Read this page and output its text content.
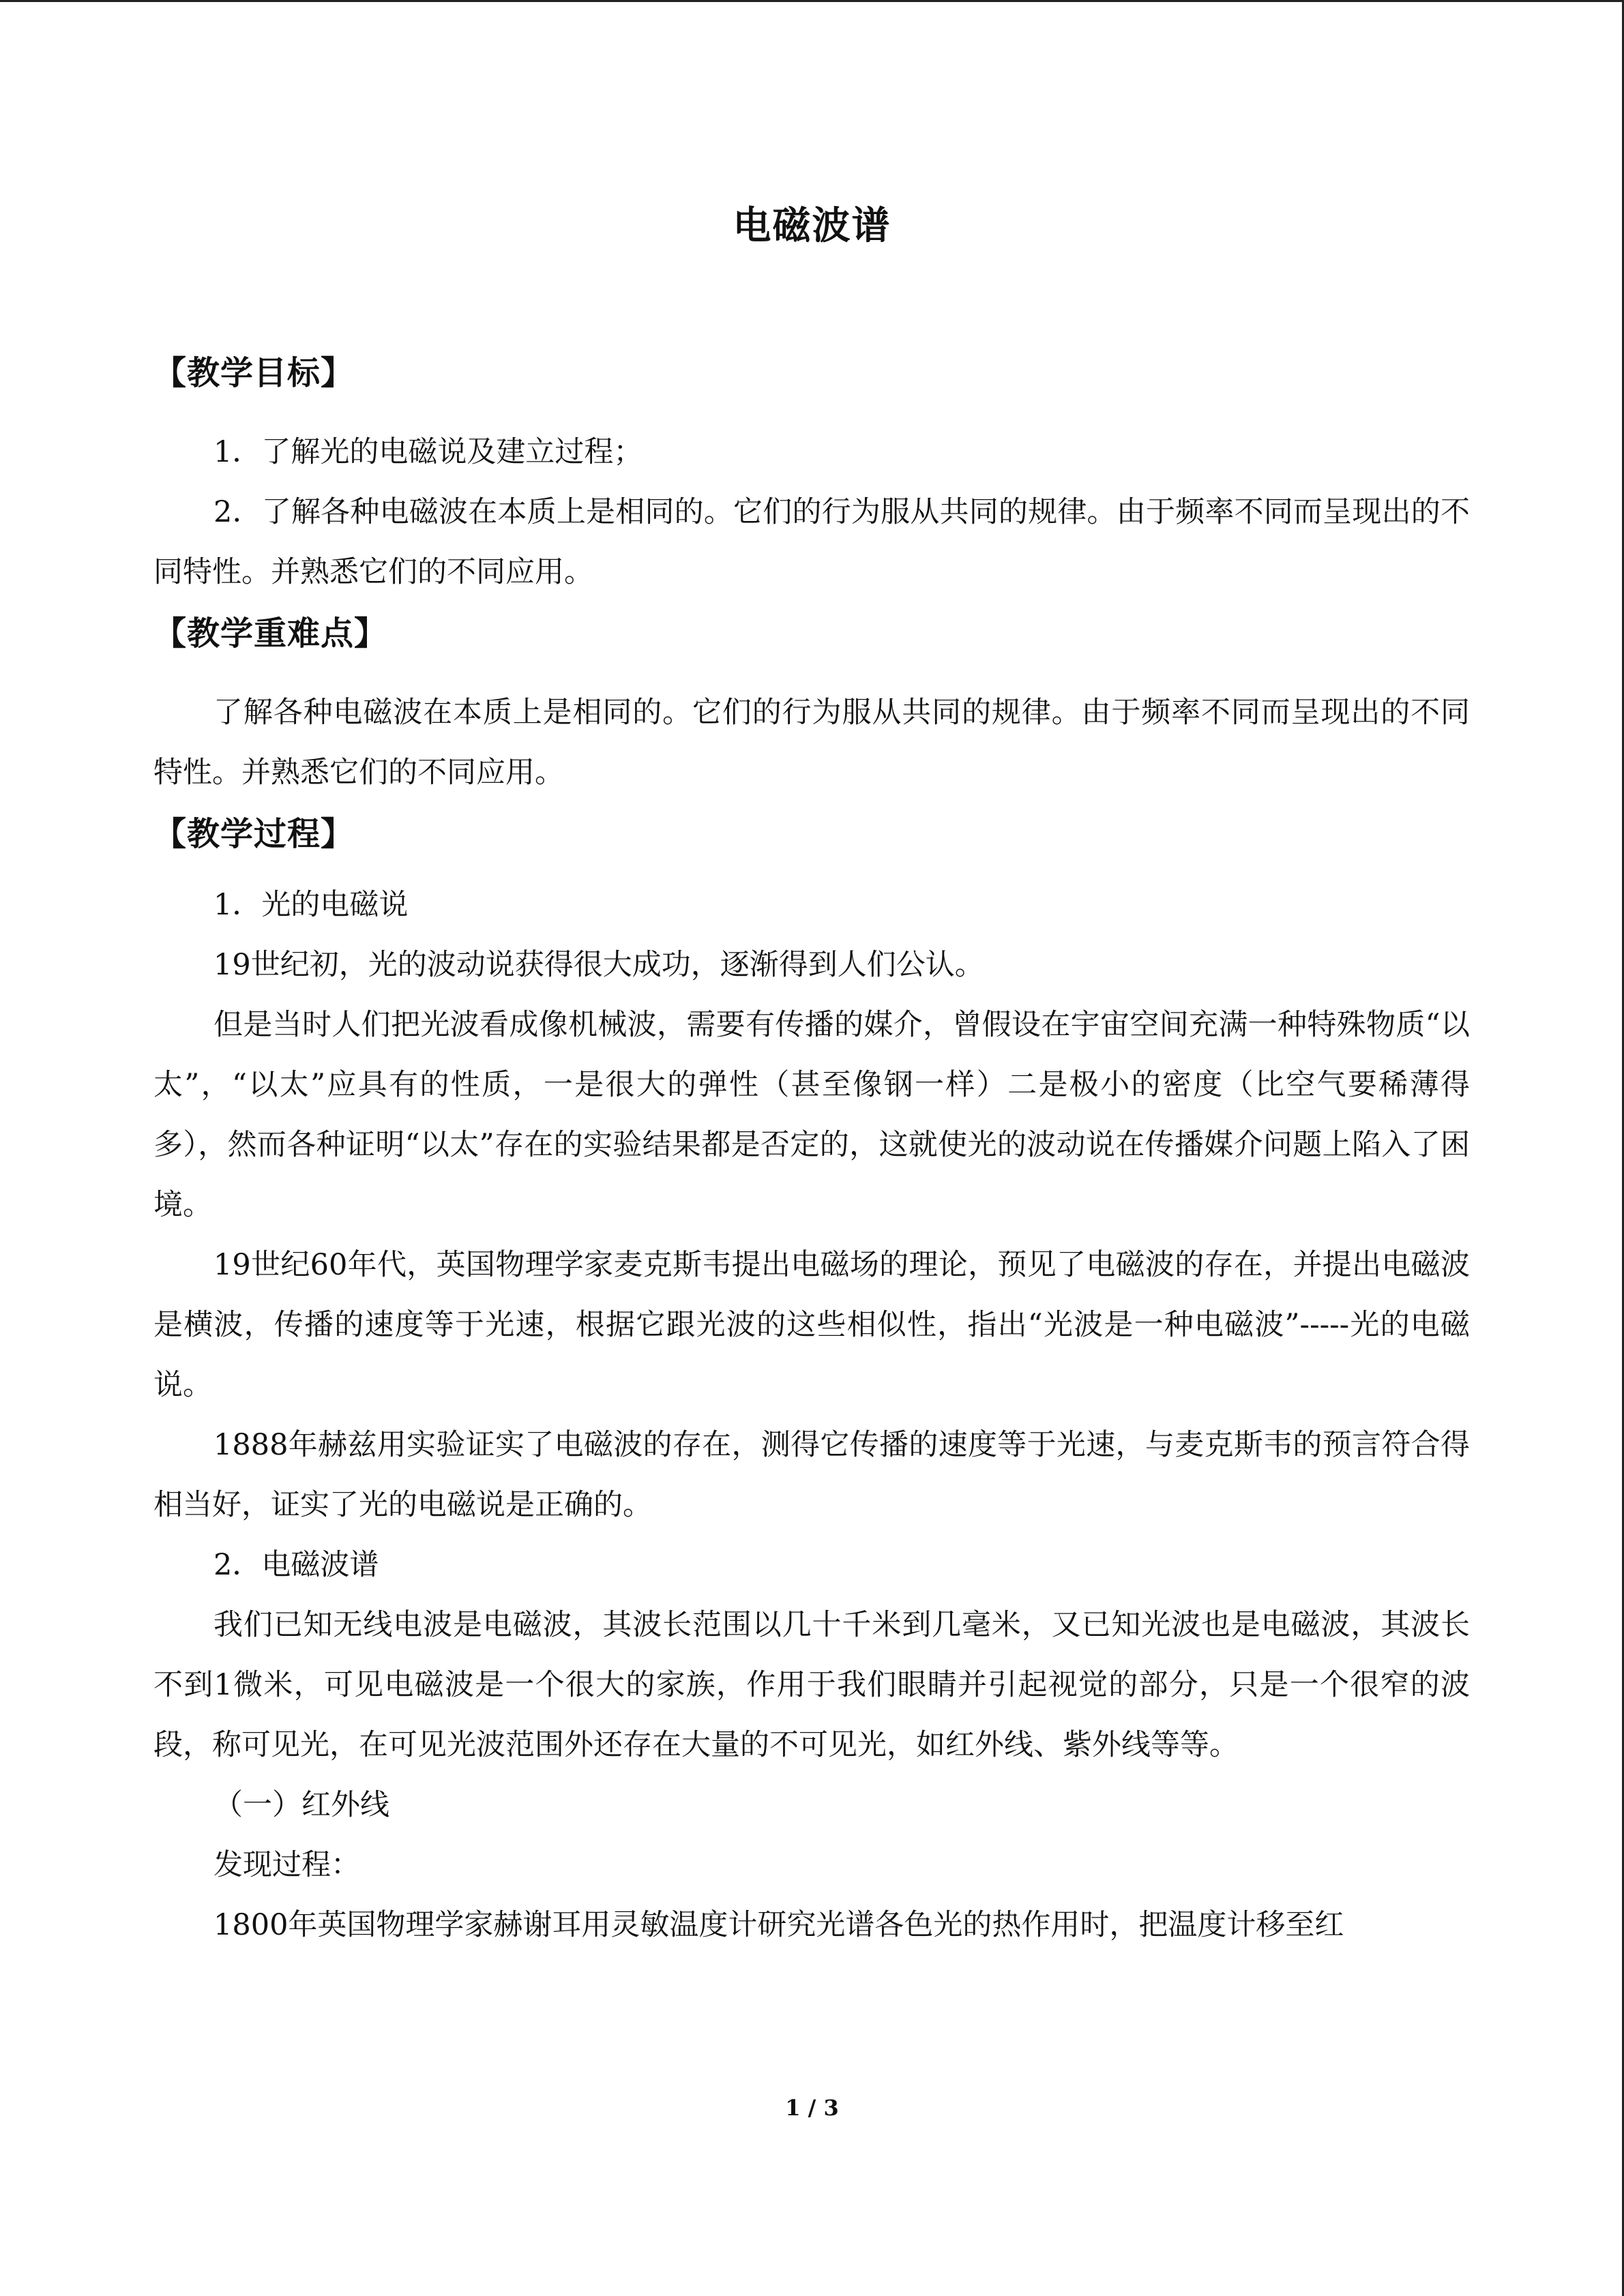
电磁波谱
【教学目标】

1．了解光的电磁说及建立过程；

2．了解各种电磁波在本质上是相同的。它们的行为服从共同的规律。由于频率不同而呈现出的不同特性。并熟悉它们的不同应用。

【教学重难点】

了解各种电磁波在本质上是相同的。它们的行为服从共同的规律。由于频率不同而呈现出的不同特性。并熟悉它们的不同应用。

【教学过程】

1．光的电磁说

19世纪初，光的波动说获得很大成功，逐渐得到人们公认。

但是当时人们把光波看成像机械波，需要有传播的媒介，曾假设在宇宙空间充满一种特殊物质“以太”，“以太”应具有的性质，一是很大的弹性（甚至像钢一样）二是极小的密度（比空气要稀薄得多），然而各种证明“以太”存在的实验结果都是否定的，这就使光的波动说在传播媒介问题上陷入了困境。

19世纪60年代，英国物理学家麦克斯韦提出电磁场的理论，预见了电磁波的存在，并提出电磁波是横波，传播的速度等于光速，根据它跟光波的这些相似性，指出“光波是一种电磁波”-----光的电磁说。

1888年赫兹用实验证实了电磁波的存在，测得它传播的速度等于光速，与麦克斯韦的预言符合得相当好，证实了光的电磁说是正确的。

2．电磁波谱

我们已知无线电波是电磁波，其波长范围以几十千米到几毫米，又已知光波也是电磁波，其波长不到1微米，可见电磁波是一个很大的家族，作用于我们眼睛并引起视觉的部分，只是一个很窄的波段，称可见光，在可见光波范围外还存在大量的不可见光，如红外线、紫外线等等。

（一）红外线

发现过程：

1800年英国物理学家赫谢耳用灵敏温度计研究光谱各色光的热作用时，把温度计移至红

1 / 3
